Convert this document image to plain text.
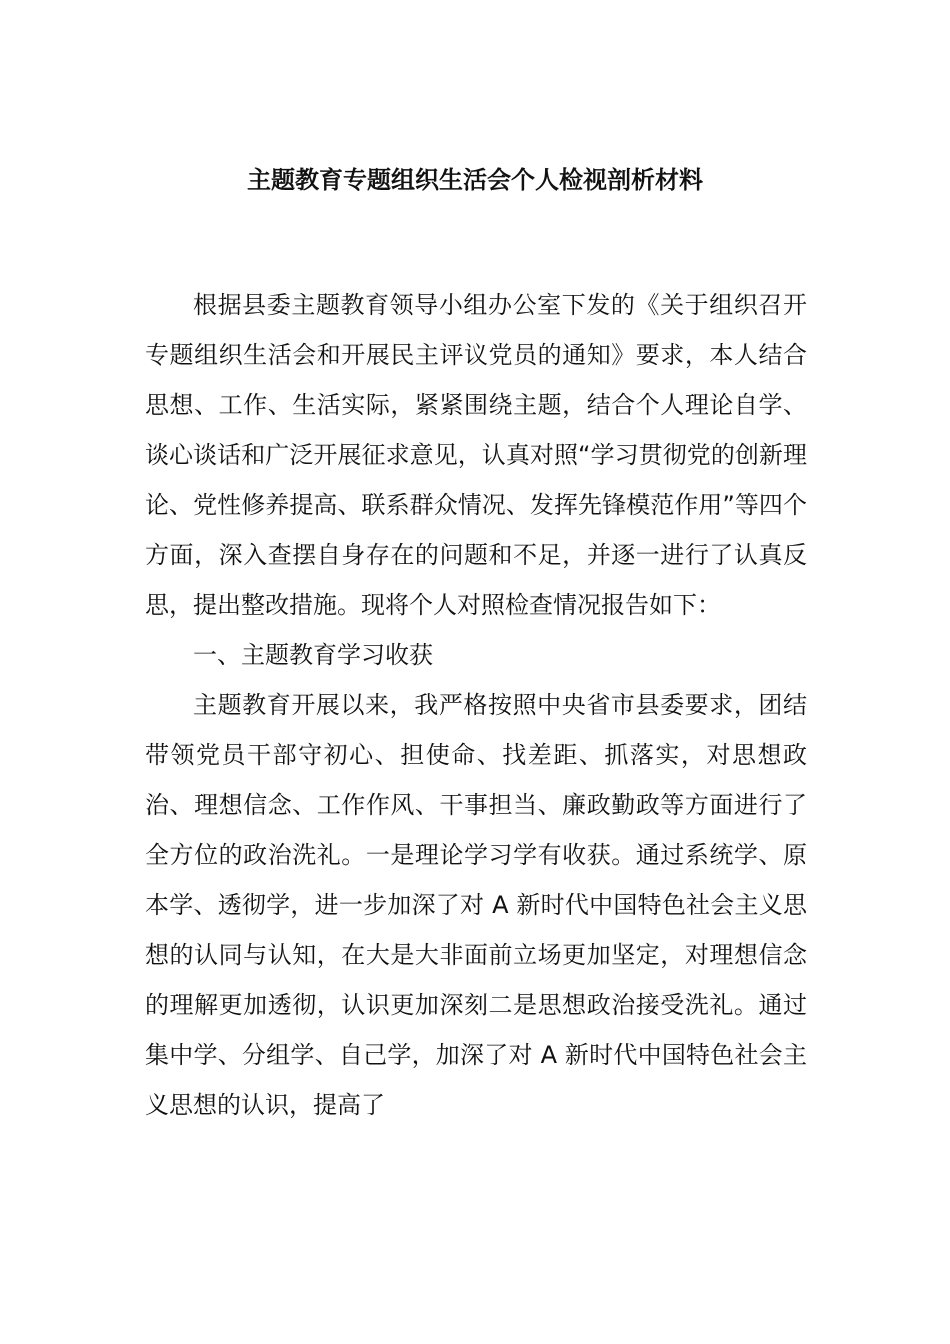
主题教育专题组织生活会个人检视剖析材料

根据县委主题教育领导小组办公室下发的《关于组织召开专题组织生活会和开展民主评议党员的通知》要求，本人结合思想、工作、生活实际，紧紧围绕主题，结合个人理论自学、谈心谈话和广泛开展征求意见，认真对照“学习贯彻党的创新理论、党性修养提高、联系群众情况、发挥先锋模范作用”等四个方面，深入查摆自身存在的问题和不足，并逐一进行了认真反思，提出整改措施。现将个人对照检查情况报告如下：

一、主题教育学习收获

主题教育开展以来，我严格按照中央省市县委要求，团结带领党员干部守初心、担使命、找差距、抓落实，对思想政治、理想信念、工作作风、干事担当、廉政勤政等方面进行了全方位的政治洗礼。一是理论学习学有收获。通过系统学、原本学、透彻学，进一步加深了对 A 新时代中国特色社会主义思想的认同与认知，在大是大非面前立场更加坚定，对理想信念的理解更加透彻，认识更加深刻二是思想政治接受洗礼。通过集中学、分组学、自己学，加深了对 A 新时代中国特色社会主义思想的认识，提高了
